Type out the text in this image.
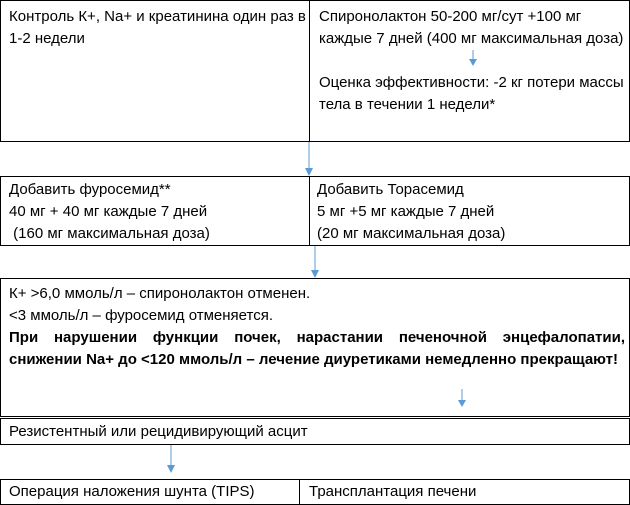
Контроль К+, Na+ и креатинина один раз в 1-2 недели
Спиронолактон 50-200 мг/сут +100 мг каждые 7 дней (400 мг максимальная доза)
Оценка эффективности: -2 кг потери массы тела в течении 1 недели*
Добавить фуросемид**
40 мг + 40 мг каждые 7 дней
(160 мг максимальная доза)
Добавить Торасемид
5 мг +5 мг каждые 7 дней
(20 мг максимальная доза)
К+ >6,0 ммоль/л – спиронолактон отменен.
<3 ммоль/л – фуросемид отменяется.
При нарушении функции почек, нарастании печеночной энцефалопатии, снижении Na+ до <120 ммоль/л – лечение диуретиками немедленно прекращают!
Резистентный или рецидивирующий асцит
Операция наложения шунта (TIPS)	Трансплантация печени
